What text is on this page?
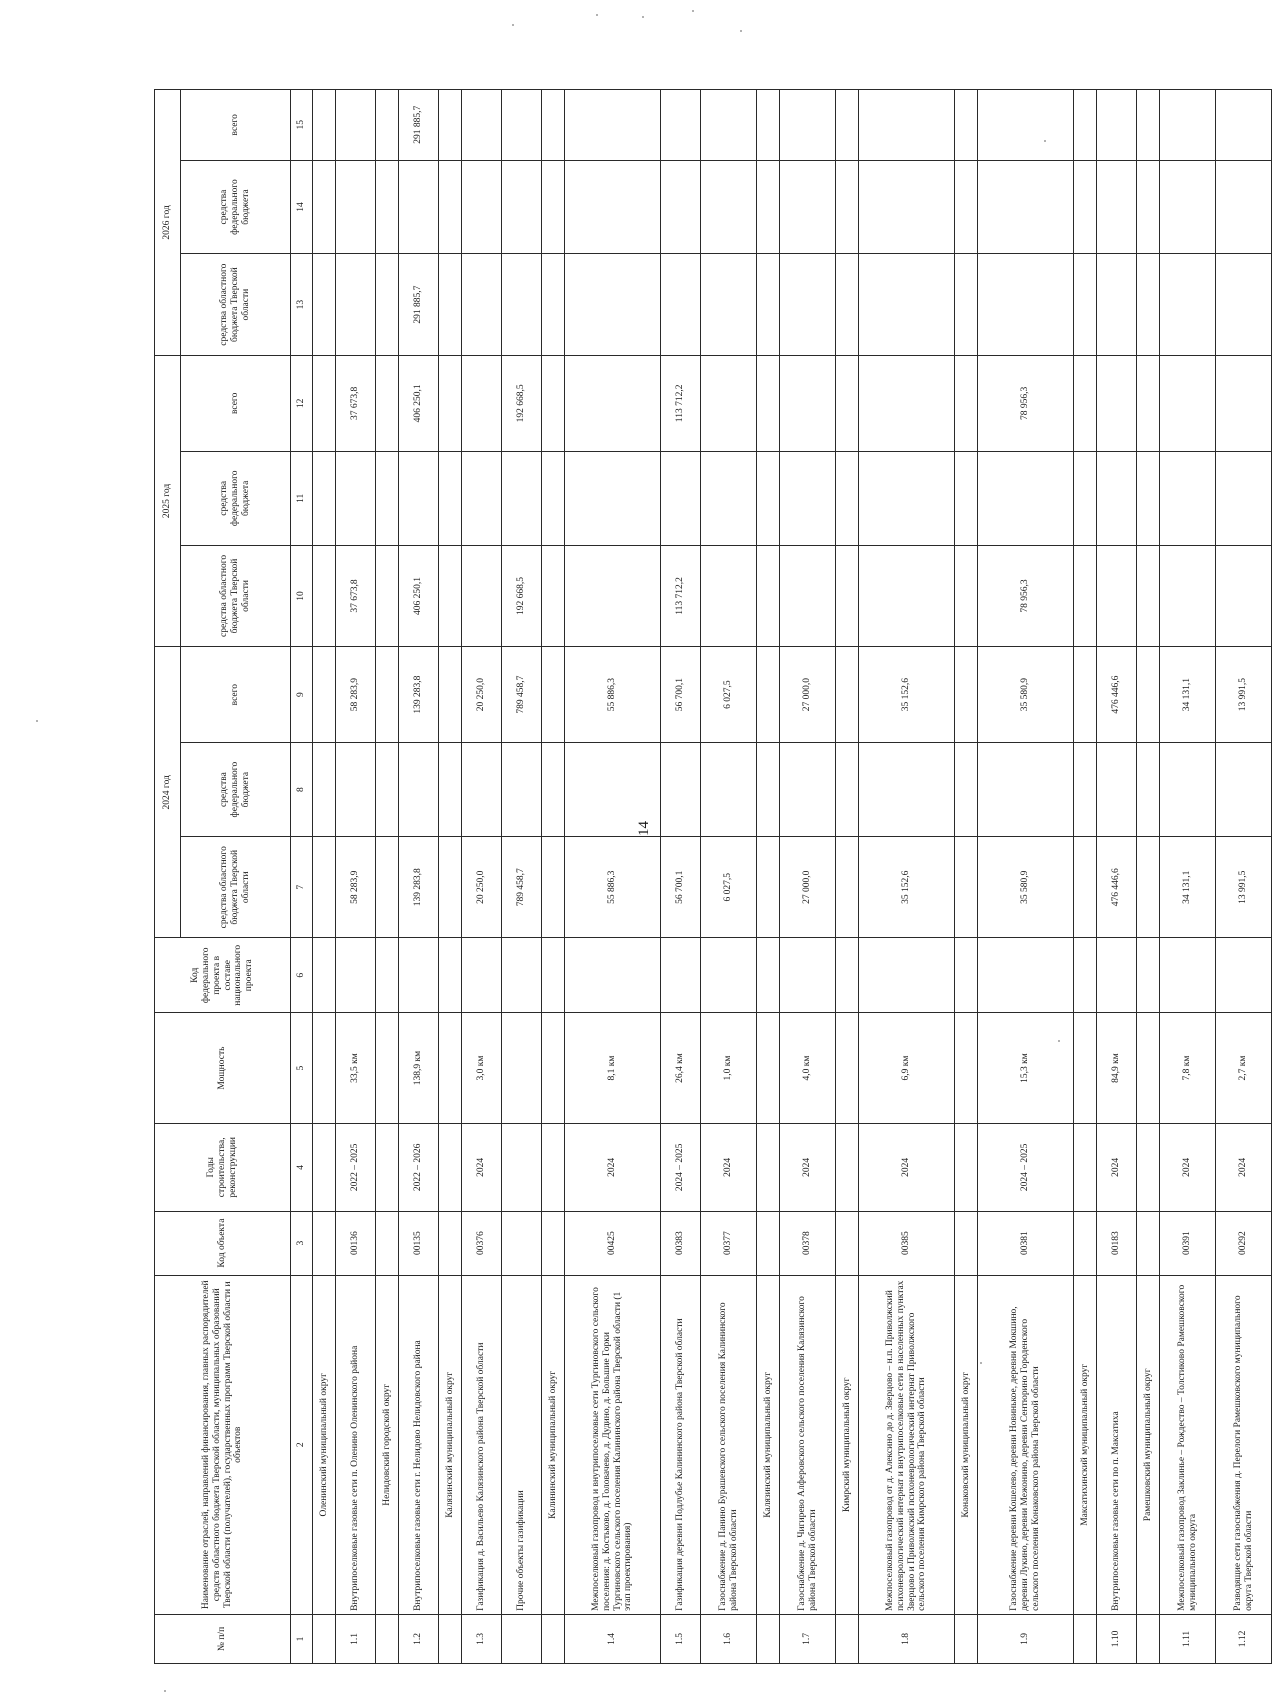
14
№ п/п	Наименование отраслей, направлений финансирования, главных распорядителей средств областного бюджета Тверской области, муниципальных образований Тверской области (получателей), государственных программ Тверской области и объектов	Код объекта	Годы строительства, реконструкции	Мощность	Код федерального проекта в составе национального проекта	2024 год			2025 год			2026 год		
						средства областного бюджета Тверской области	средства федерального бюджета	всего	средства областного бюджета Тверской области	средства федерального бюджета	всего	средства областного бюджета Тверской области	средства федерального бюджета	всего
1	2	3	4	5	6	7	8	9	10	11	12	13	14	15
	Оленинский муниципальный округ													
1.1	Внутрипоселковые газовые сети п. Оленино Оленинского района	00136	2022 – 2025	33,5 км		58 283,9		58 283,9	37 673,8		37 673,8			
	Нелидовский городской округ													
1.2	Внутрипоселковые газовые сети г. Нелидово Нелидовского района	00135	2022 – 2026	138,9 км		139 283,8		139 283,8	406 250,1		406 250,1	291 885,7		291 885,7
	Калязинский муниципальный округ													
1.3	Газификация д. Васильево Калязинского района Тверской области	00376	2024	3,0 км		20 250,0		20 250,0						
	Прочие объекты газификации					789 458,7		789 458,7	192 668,5		192 668,5			
	Калининский муниципальный округ													
1.4	Межпоселковый газопровод и внутрипоселковые сети Тургиновского сельского поселения: д. Костьково, д. Головачево, д. Дудино, д. Большие Горки Тургиновского сельского поселения Калининского района Тверской области (1 этап проектирования)	00425	2024	8,1 км		55 886,3		55 886,3						
1.5	Газификация деревни Подлубье Калининского района Тверской области	00383	2024 – 2025	26,4 км		56 700,1		56 700,1	113 712,2		113 712,2			
1.6	Газоснабжение д. Панино Бурашевского сельского поселения Калининского района Тверской области	00377	2024	1,0 км		6 027,5		6 027,5						
	Калязинский муниципальный округ													
1.7	Газоснабжение д. Чигирево Алферовского сельского поселения Калязинского района Тверской области	00378	2024	4,0 км		27 000,0		27 000,0						
	Кимрский муниципальный округ													
1.8	Межпоселковый газопровод от д. Алексино до д. Зверцово – н.п. Приволжский психоневрологический интернат и внутрипоселковые сети в населенных пунктах Зверцово и Приволжский психоневрологический интернат Приволжского сельского поселения Кимрского района Тверской области	00385	2024	6,9 км		35 152,6		35 152,6						
	Конаковский муниципальный округ													
1.9	Газоснабжение деревни Кошелево, деревни Новинькое, деревни Мокшино, деревни Лукино, деревни Межонино, деревни Сентюрино Городенского сельского поселения Конаковского района Тверской области	00381	2024 – 2025	15,3 км		35 580,9		35 580,9	78 956,3		78 956,3			
	Максатихинский муниципальный округ													
1.10	Внутрипоселковые газовые сети по п. Максатиха	00183	2024	84,9 км		476 446,6		476 446,6						
	Рамешковский муниципальный округ													
1.11	Межпоселковый газопровод Заклинье – Рождество – Толстиково Рамешковского муниципального округа	00391	2024	7,8 км		34 131,1		34 131,1						
1.12	Разводящие сети газоснабжения д. Перелоги Рамешковского муниципального округа Тверской области	00292	2024	2,7 км		13 991,5		13 991,5						
